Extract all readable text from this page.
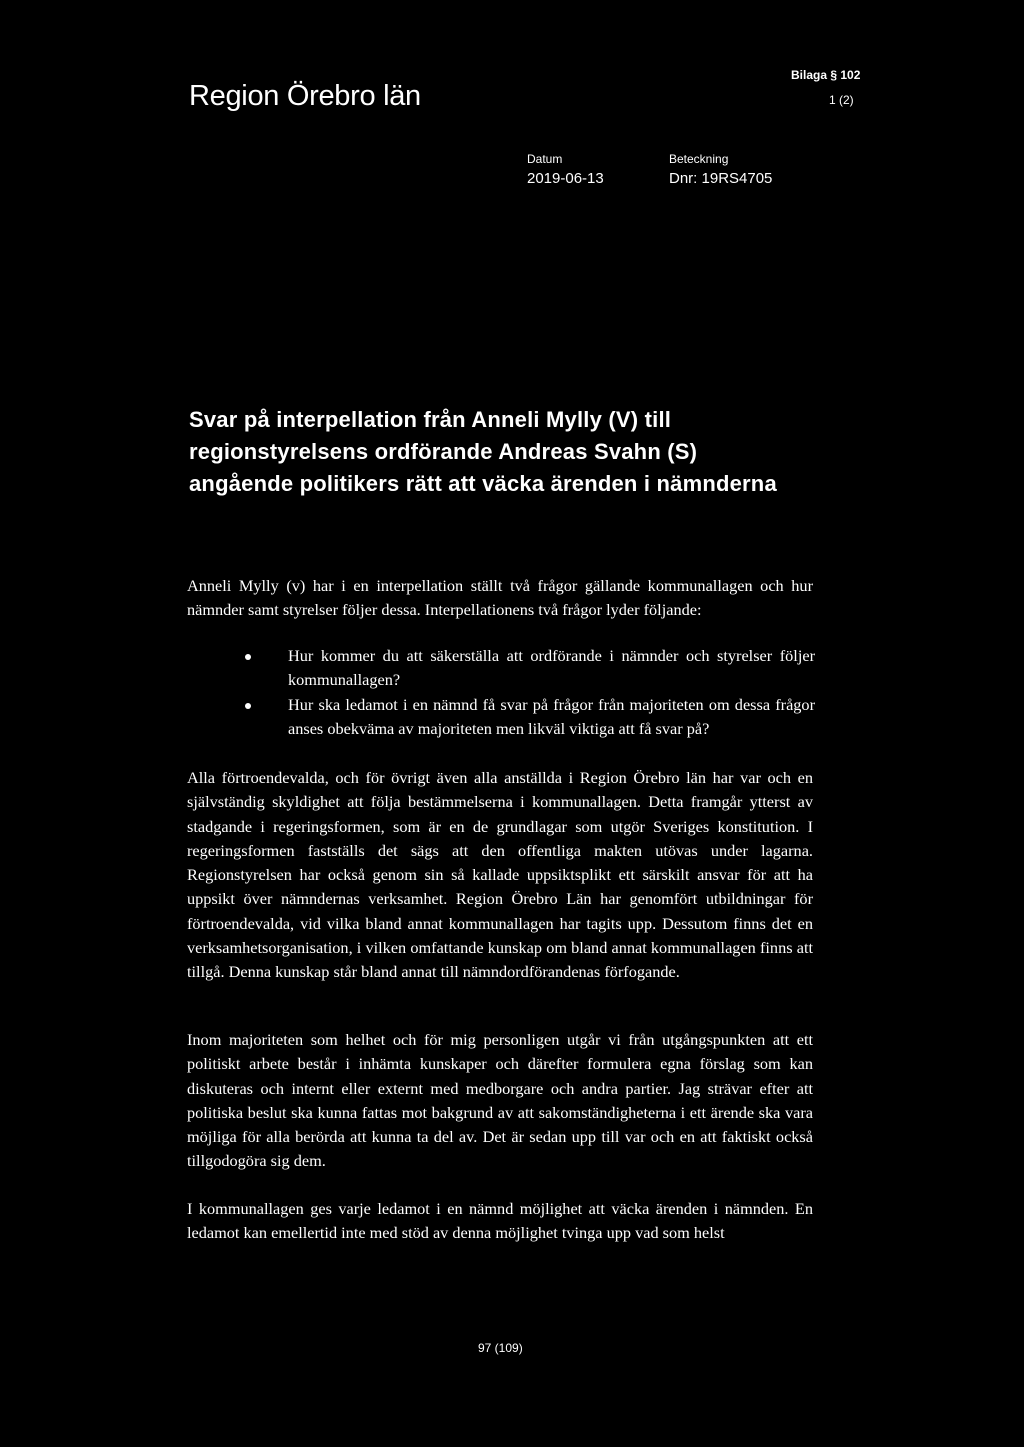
Region Örebro län
Bilaga § 102
1 (2)
Datum
2019-06-13
Beteckning
Dnr: 19RS4705
Svar på interpellation från Anneli Mylly (V) till
regionstyrelsens ordförande Andreas Svahn (S)
angående politikers rätt att väcka ärenden i nämnderna

Anneli Mylly (v) har i en interpellation ställt två frågor gällande kommunallagen och hur nämnder samt styrelser följer dessa. Interpellationens två frågor lyder följande:

Hur kommer du att säkerställa att ordförande i nämnder och styrelser följer kommunallagen?
Hur ska ledamot i en nämnd få svar på frågor från majoriteten om dessa frågor anses obekväma av majoriteten men likväl viktiga att få svar på?

Alla förtroendevalda, och för övrigt även alla anställda i Region Örebro län har var och en självständig skyldighet att följa bestämmelserna i kommunallagen. Detta framgår ytterst av stadgande i regeringsformen, som är en de grundlagar som utgör Sveriges konstitution. I regeringsformen fastställs det sägs att den offentliga makten utövas under lagarna. Regionstyrelsen har också genom sin så kallade uppsiktsplikt ett särskilt ansvar för att ha uppsikt över nämndernas verksamhet. Region Örebro Län har genomfört utbildningar för förtroendevalda, vid vilka bland annat kommunallagen har tagits upp. Dessutom finns det en verksamhetsorganisation, i vilken omfattande kunskap om bland annat kommunallagen finns att tillgå. Denna kunskap står bland annat till nämndordförandenas förfogande.

Inom majoriteten som helhet och för mig personligen utgår vi från utgångspunkten att ett politiskt arbete består i inhämta kunskaper och därefter formulera egna förslag som kan diskuteras och internt eller externt med medborgare och andra partier. Jag strävar efter att politiska beslut ska kunna fattas mot bakgrund av att sakomständigheterna i ett ärende ska vara möjliga för alla berörda att kunna ta del av. Det är sedan upp till var och en att faktiskt också tillgodogöra sig dem.

I kommunallagen ges varje ledamot i en nämnd möjlighet att väcka ärenden i nämnden. En ledamot kan emellertid inte med stöd av denna möjlighet tvinga upp vad som helst

97 (109)
